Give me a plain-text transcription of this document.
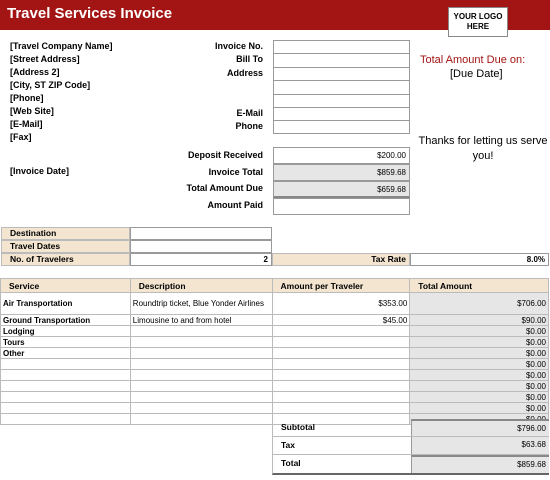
Travel Services Invoice	YOUR LOGO HERE
[Travel Company Name]
[Street Address]
[Address 2]
[City, ST ZIP Code]
[Phone]
[Web Site]
[E-Mail]
[Fax]
[Invoice Date]
Invoice No.
Bill To
Address
E-Mail
Phone
Total Amount Due on:
[Due Date]
Thanks for letting us serve you!
Deposit Received	$200.00
Invoice Total	$859.68
Total Amount Due	$659.68
Amount Paid
Destination
Travel Dates
No. of Travelers	2	Tax Rate	8.0%
Service	Description	Amount per Traveler	Total Amount
Air Transportation	Roundtrip ticket, Blue Yonder Airlines	$353.00	$706.00
Ground Transportation	Limousine to and from hotel	$45.00	$90.00
Lodging			$0.00
Tours			$0.00
Other			$0.00
			$0.00
			$0.00
			$0.00
			$0.00
			$0.00

Subtotal	$796.00
Tax	$63.68
Total	$859.68
